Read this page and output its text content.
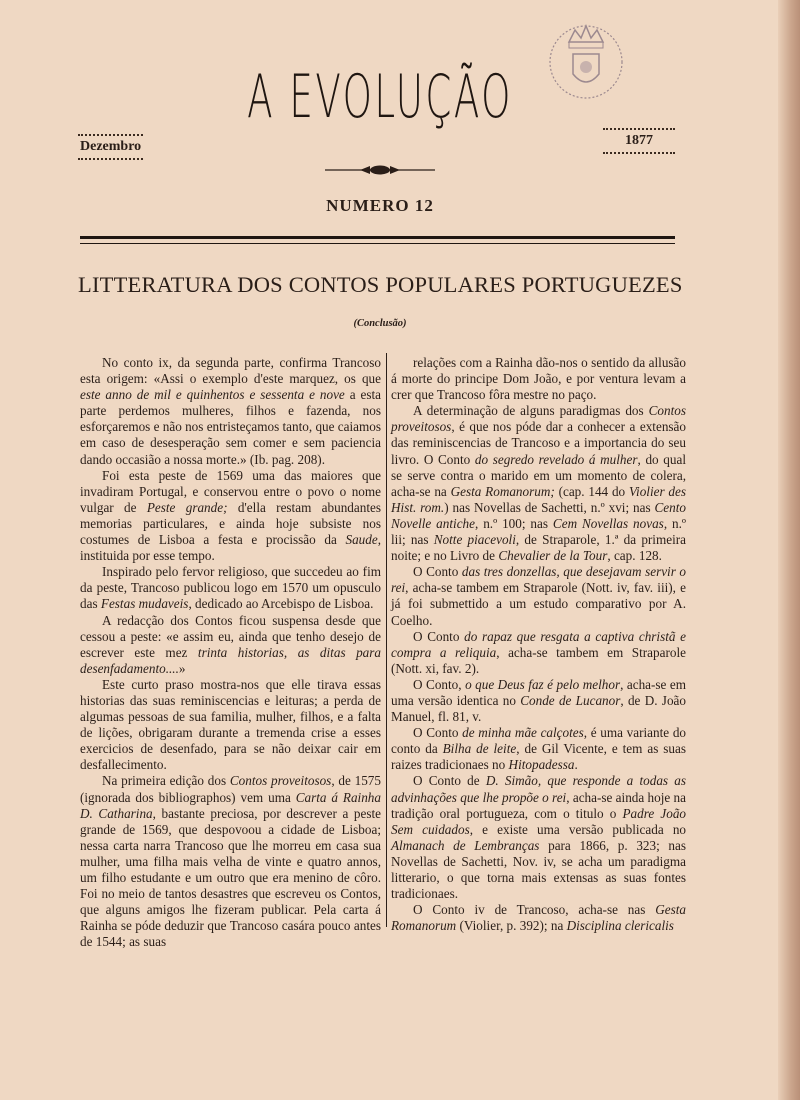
A EVOLUÇÃO
Dezembro	1877
NUMERO 12
LITTERATURA DOS CONTOS POPULARES PORTUGUEZES
(Conclusão)

No conto ix, da segunda parte, confirma Trancoso esta origem: «Assi o exemplo d'este marquez, os que este anno de mil e quinhentos e sessenta e nove a esta parte perdemos mulheres, filhos e fazenda, nos esforçaremos e não nos entristeçamos tanto, que caiamos em caso de desesperação sem comer e sem paciencia dando occasião a nossa morte.» (Ib. pag. 208).

Foi esta peste de 1569 uma das maiores que invadiram Portugal, e conservou entre o povo o nome vulgar de Peste grande; d'ella restam abundantes memorias particulares, e ainda hoje subsiste nos costumes de Lisboa a festa e procissão da Saude, instituida por esse tempo.

Inspirado pelo fervor religioso, que succedeu ao fim da peste, Trancoso publicou logo em 1570 um opusculo das Festas mudaveis, dedicado ao Arcebispo de Lisboa.

A redacção dos Contos ficou suspensa desde que cessou a peste: «e assim eu, ainda que tenho desejo de escrever este mez trinta historias, as ditas para desenfadamento....»

Este curto praso mostra-nos que elle tirava essas historias das suas reminiscencias e leituras; a perda de algumas pessoas de sua familia, mulher, filhos, e a falta de lições, obrigaram durante a tremenda crise a esses exercicios de desenfado, para se não deixar cair em desfallecimento.

Na primeira edição dos Contos proveitosos, de 1575 (ignorada dos bibliographos) vem uma Carta á Rainha D. Catharina, bastante preciosa, por descrever a peste grande de 1569, que despovoou a cidade de Lisboa; nessa carta narra Trancoso que lhe morreu em casa sua mulher, uma filha mais velha de vinte e quatro annos, um filho estudante e um outro que era menino de côro. Foi no meio de tantos desastres que escreveu os Contos, que alguns amigos lhe fizeram publicar. Pela carta á Rainha se póde deduzir que Trancoso casára pouco antes de 1544; as suas

relações com a Rainha dão-nos o sentido da allusão á morte do principe Dom João, e por ventura levam a crer que Trancoso fôra mestre no paço.

A determinação de alguns paradigmas dos Contos proveitosos, é que nos póde dar a conhecer a extensão das reminiscencias de Trancoso e a importancia do seu livro. O Conto do segredo revelado á mulher, do qual se serve contra o marido em um momento de colera, acha-se na Gesta Romanorum; (cap. 144 do Violier des Hist. rom.) nas Novellas de Sachetti, n.º xvi; nas Cento Novelle antiche, n.º 100; nas Cem Novellas novas, n.º lii; nas Notte piacevoli, de Straparole, 1.ª da primeira noite; e no Livro de Chevalier de la Tour, cap. 128.

O Conto das tres donzellas, que desejavam servir o rei, acha-se tambem em Straparole (Nott. iv, fav. iii), e já foi submettido a um estudo comparativo por A. Coelho.

O Conto do rapaz que resgata a captiva christã e compra a reliquia, acha-se tambem em Straparole (Nott. xi, fav. 2).

O Conto, o que Deus faz é pelo melhor, acha-se em uma versão identica no Conde de Lucanor, de D. João Manuel, fl. 81, v.

O Conto de minha mãe calçotes, é uma variante do conto da Bilha de leite, de Gil Vicente, e tem as suas raizes tradicionaes no Hitopadessa.

O Conto de D. Simão, que responde a todas as advinhações que lhe propõe o rei, acha-se ainda hoje na tradição oral portugueza, com o titulo o Padre João Sem cuidados, e existe uma versão publicada no Almanach de Lembranças para 1866, p. 323; nas Novellas de Sachetti, Nov. iv, se acha um paradigma litterario, o que torna mais extensas as suas fontes tradicionaes.

O Conto iv de Trancoso, acha-se nas Gesta Romanorum (Violier, p. 392); na Disciplina clericalis
